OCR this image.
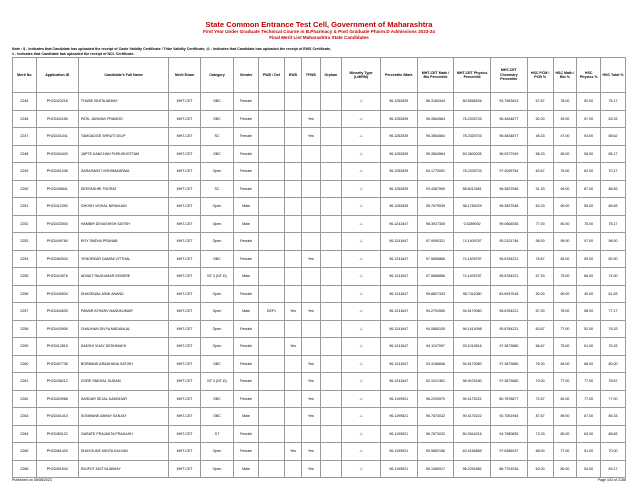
State Common Entrance Test Cell, Government of Maharashtra
First Year Under Graduate Technical Course in B.Pharmacy & Post Graduate Pharm.D Admissions 2023-24
Final Merit List Maharashtra State Candidates
Note : $ - Indicates that Candidate has uploaded the receipt of Caste Validity Certificate / Tribe Validity Certificate, @ - Indicates that Candidate has uploaded the receipt of EWS Certificate,
# - Indicates that Candidate has uploaded the receipt of NCL Certificate.
Merit No	Application ID	Candidate's Full Name	Merit Exam	Category	Gender	PWD / Def	EWS	TFWS	Orphan	Minority Type (LM/RM)	Percentile /Mark	MHT-CET Math / Bio Percentile	MHT-CET Physics Percentile	MHT-CET Chemistry Percentile	HSC PCM / PCB %	HSC Math / Bio %	HSC Physics %	HSC Total %
2245	PH23423218	THUBE ISHITA ABHAY	MHT-CET	OBC	Female					-/-	96.1252839	96.3184344	80.5556526	93.7963813	67.67	78.00	52.00	76.17
2246	PH23431156	PATIL JANHAVI PRAMOD	MHT-CET	OBC	Female			Yes		-/-	96.1252839	95.3564564	78.2325703	96.4834877	52.00	49.00	57.00	63.33
2247	PH23431041	TAMGADGE SHRUTI DILIP	MHT-CET	SC	Female			Yes		-/-	96.1252839	95.3564564	78.2325703	96.4834877	48.33	47.00	54.00	58.62
2248	PH23434443	JAPTE KANCHAN PURUSHOTTAM	MHT-CET	OBC	Female					-/-	96.1252839	95.3564564	69.2600035	96.9377949	58.33	65.00	56.00	65.17
2249	PH23401036	SARASWATI VISHWAKARMA	MHT-CET	Open	Female					-/-	96.1252839	94.1770051	78.2325703	97.4095754	63.67	76.00	62.00	70.17
2250	PH23438841	DEEPASHRI THORAT	MHT-CET	SC	Female					-/-	96.1252839	93.4387559	58.6012581	98.3837548	91.33	94.00	87.00	88.83
2251	PH23412392	GHOSH VISHAL NIRANJAN	MHT-CET	Open	Male					-/-	96.1252839	95.7679539	98.1784029	98.3837548	63.33	69.00	55.00	66.83
2252	PH23433500	HAMBIR DEVASHISH SATISH	MHT-CET	Open	Male					-/-	96.1241647	98.3927355	0.5289092	99.0664535	77.00	80.00	75.00	78.17
2253	PH23449760	ROY SNEHA PRANAB	MHT-CET	Open	Female					-/-	96.1241647	97.9090321	74.1409787	95.2101746	98.00	99.00	97.00	98.00
2254	PH23463934	YENGRKAR DAMINI VITTHAL	MHT-CET	OBC	Female			Yes		-/-	96.1241647	97.5856866	74.1409787	95.8784221	76.67	83.00	59.00	60.90
2255	PH23424576	ADVAIT RAJKUMAR KENDRE	MHT-CET	NT 3 (NT-D)	Male					-/-	96.1241647	97.5856866	74.1409787	95.8784221	67.33	75.00	66.00	74.00
2256	PH23449534	DHASEWAL ASMI ANAND	MHT-CET	Open	Female					-/-	96.1241647	95.8827333	98.7411080	83.6947618	50.00	69.00	40.00	61.83
2257	PH23443630	PAWAR ATHARV NANDKUMAR	MHT-CET	Open	Male	DEF1	Yes	Yes		-/-	96.1241647	94.2791550	94.9170080	95.8784221	67.00	78.00	58.00	77.17
2258	PH23443906	CHAUHAN DIVYA MADANLAL	MHT-CET	Open	Female					-/-	96.1241647	94.0885105	96.1414098	95.8784221	63.67	77.00	52.00	76.33
2259	PH23412815	SAKSHI VIJAY DESHMUKH	MHT-CET	Open	Female		Yes			-/-	96.1241647	94.1107997	93.1019816	97.3873680	66.67	75.00	61.00	76.33
2260	PH23407736	BORBANE ARADHANA SATISH	MHT-CET	OBC	Female			Yes		-/-	96.1241647	93.4166846	94.9170080	97.3873680	76.00	84.00	68.00	80.00
2261	PH23438212	GORE SNEHAL SUDAM	MHT-CET	NT 3 (NT-D)	Female			Yes		-/-	96.1241647	92.1017461	96.9476180	97.3873680	79.00	77.00	77.00	78.67
2262	PH23420966	SARDAR SEJAL DAMODAR	MHT-CET	OBC	Female			Yes		-/-	96.1199521	98.2203970	90.4175222	80.7878877	72.67	81.00	77.00	77.00
2263	PH23401410	SONWANE ABHAY SANJAY	MHT-CET	OBC	Male			Yes		-/-	96.1199521	96.7873032	90.4175222	92.7061944	87.67	89.00	87.00	85.33
2264	PH23450122	GARATE PRAJAKTA PRAKASH	MHT-CET	ST	Female					-/-	96.1199521	96.7873032	80.3944216	94.7980835	73.33	80.00	63.00	68.83
2265	PH23461420	DHAYGUDE NIKITA KALYAN	MHT-CET	Open	Female		Yes	Yes		-/-	96.1199521	95.5852156	63.4154689	97.6386037	68.00	77.00	51.00	70.00
2266	PH23401943	RAJPUT ADITYA ABHAY	MHT-CET	Open	Male			Yes		-/-	96.1199521	95.1060917	96.2251882	86.7701916	63.00	80.00	54.00	69.17
Published on 08/08/2023	Page 103 of 2188
